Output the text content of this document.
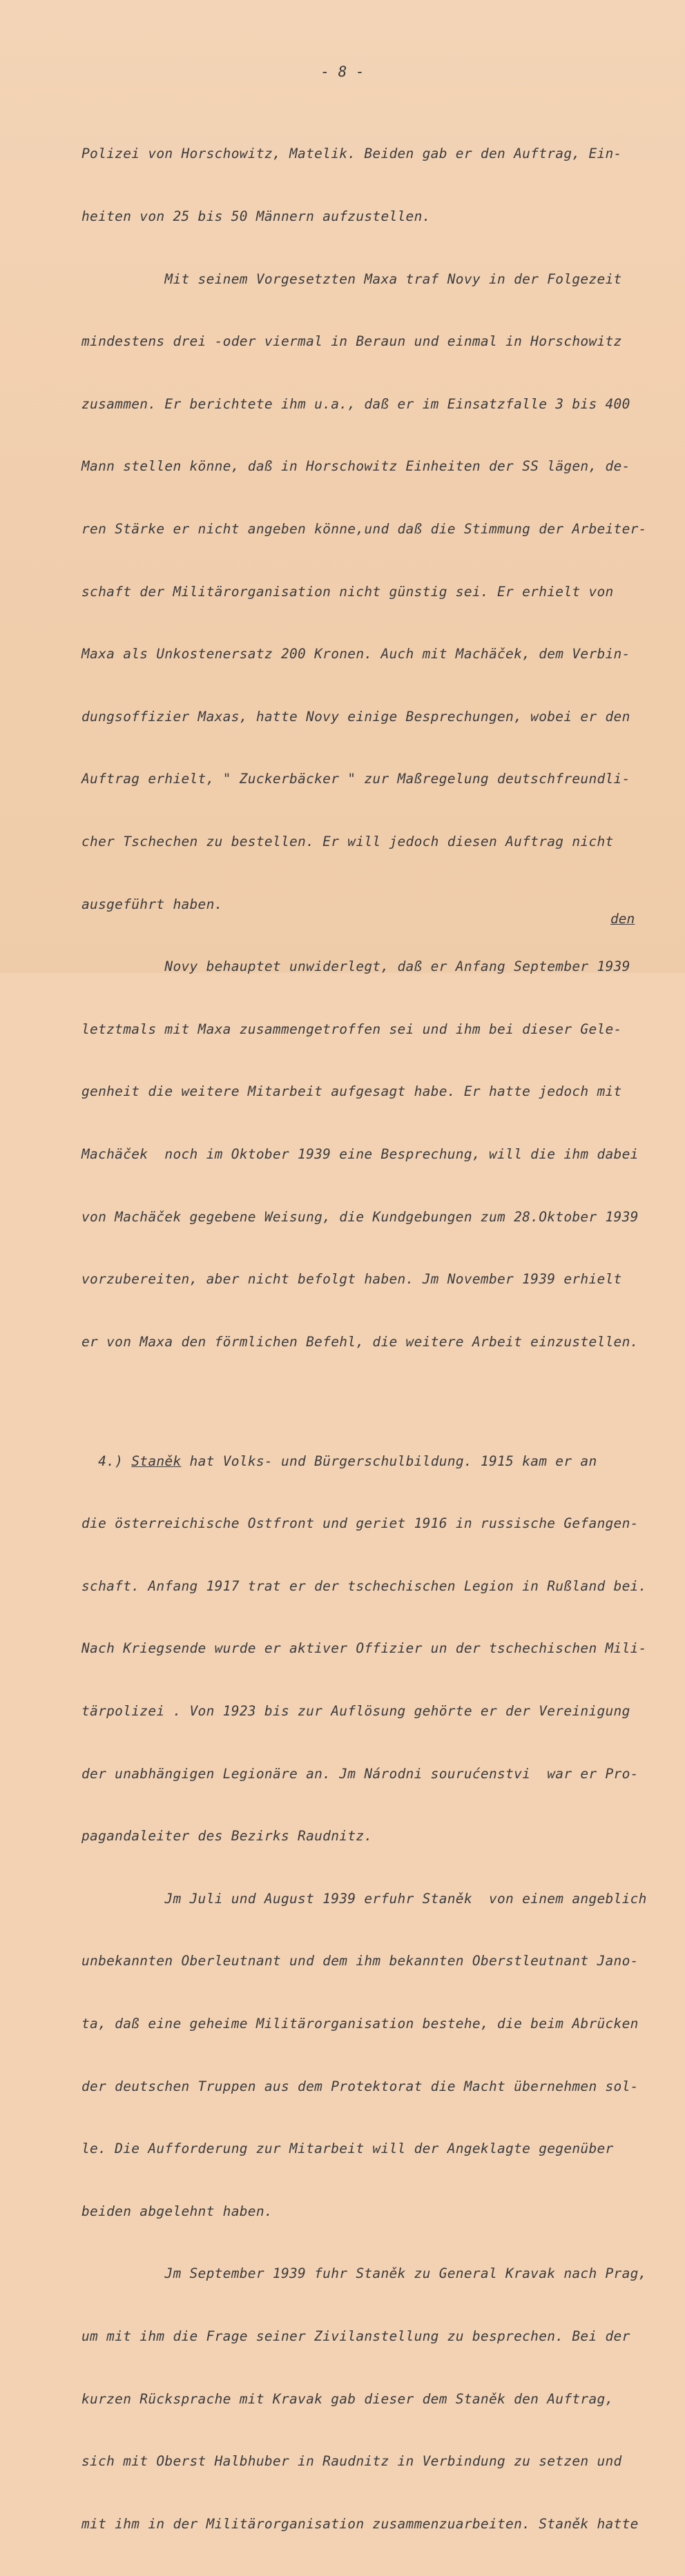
- 8 -

Polizei von Horschowitz, Matelik. Beiden gab er den Auftrag, Ein-

heiten von 25 bis 50 Männern aufzustellen.

Mit seinem Vorgesetzten Maxa traf Novy in der Folgezeit

mindestens drei -oder viermal in Beraun und einmal in Horschowitz

zusammen. Er berichtete ihm u.a., daß er im Einsatzfalle 3 bis 400

Mann stellen könne, daß in Horschowitz Einheiten der SS lägen, de-

ren Stärke er nicht angeben könne,und daß die Stimmung der Arbeiter-

schaft der Militärorganisation nicht günstig sei. Er erhielt von

Maxa als Unkostenersatz 200 Kronen. Auch mit Machäček, dem Verbin-

dungsoffizier Maxas, hatte Novy einige Besprechungen, wobei er den

Auftrag erhielt, " Zuckerbäcker " zur Maßregelung deutschfreundli-

cher Tschechen zu bestellen. Er will jedoch diesen Auftrag nicht

ausgeführt haben.

Novy behauptet unwiderlegt, daß er Anfang September 1939

letztmals mit Maxa zusammengetroffen sei und ihm bei dieser Gele-

genheit die weitere Mitarbeit aufgesagt habe. Er hatte jedoch mit

Machäček  noch im Oktober 1939 eine Besprechung, will die ihm dabei

von Machäček gegebene Weisung, die Kundgebungen zum 28.Oktober 1939

vorzubereiten, aber nicht befolgt haben. Jm November 1939 erhielt

er von Maxa den förmlichen Befehl, die weitere Arbeit einzustellen.

4.) Staněk hat Volks- und Bürgerschulbildung. 1915 kam er an

die österreichische Ostfront und geriet 1916 in russische Gefangen-

schaft. Anfang 1917 trat er der tschechischen Legion in Rußland bei.

Nach Kriegsende wurde er aktiver Offizier un der tschechischen Mili-

tärpolizei . Von 1923 bis zur Auflösung gehörte er der Vereinigung

der unabhängigen Legionäre an. Jm Národni sourućenstvi  war er Pro-

pagandaleiter des Bezirks Raudnitz.

Jm Juli und August 1939 erfuhr Staněk  von einem angeblich

unbekannten Oberleutnant und dem ihm bekannten Oberstleutnant Jano-

ta, daß eine geheime Militärorganisation bestehe, die beim Abrücken

der deutschen Truppen aus dem Protektorat die Macht übernehmen sol-

le. Die Aufforderung zur Mitarbeit will der Angeklagte gegenüber

beiden abgelehnt haben.

Jm September 1939 fuhr Staněk zu General Kravak nach Prag,

um mit ihm die Frage seiner Zivilanstellung zu besprechen. Bei der

kurzen Rücksprache mit Kravak gab dieser dem Staněk den Auftrag,

sich mit Oberst Halbhuber in Raudnitz in Verbindung zu setzen und

mit ihm in der Militärorganisation zusammenzuarbeiten. Staněk hatte

den
